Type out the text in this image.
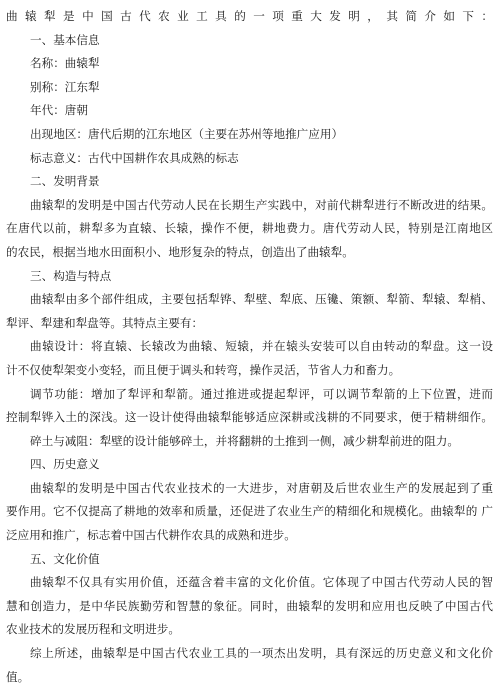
曲辕犁是中国古代农业工具的一项重大发明，其简介如下：
一、基本信息
名称：曲辕犁
别称：江东犁
年代：唐朝
出现地区：唐代后期的江东地区（主要在苏州等地推广应用）
标志意义：古代中国耕作农具成熟的标志
二、发明背景
曲辕犁的发明是中国古代劳动人民在长期生产实践中，对前代耕犁进行不断改进的结果。
在唐代以前，耕犁多为直辕、长辕，操作不便，耕地费力。唐代劳动人民，特别是江南地区
的农民，根据当地水田面积小、地形复杂的特点，创造出了曲辕犁。
三、构造与特点
曲辕犁由多个部件组成，主要包括犁铧、犁壁、犁底、压镵、策额、犁箭、犁辕、犁梢、
犁评、犁建和犁盘等。其特点主要有：
曲辕设计：将直辕、长辕改为曲辕、短辕，并在辕头安装可以自由转动的犁盘。这一设
计不仅使犁架变小变轻，而且便于调头和转弯，操作灵活，节省人力和畜力。
调节功能：增加了犁评和犁箭。通过推进或提起犁评，可以调节犁箭的上下位置，进而
控制犁铧入土的深浅。这一设计使得曲辕犁能够适应深耕或浅耕的不同要求，便于精耕细作。
碎土与减阻：犁壁的设计能够碎土，并将翻耕的土推到一侧，减少耕犁前进的阻力。
四、历史意义
曲辕犁的发明是中国古代农业技术的一大进步，对唐朝及后世农业生产的发展起到了重
要作用。它不仅提高了耕地的效率和质量，还促进了农业生产的精细化和规模化。曲辕犁的 广
泛应用和推广，标志着中国古代耕作农具的成熟和进步。
五、文化价值
曲辕犁不仅具有实用价值，还蕴含着丰富的文化价值。它体现了中国古代劳动人民的智
慧和创造力，是中华民族勤劳和智慧的象征。同时，曲辕犁的发明和应用也反映了中国古代
农业技术的发展历程和文明进步。
综上所述，曲辕犁是中国古代农业工具的一项杰出发明，具有深远的历史意义和文化价
值。
